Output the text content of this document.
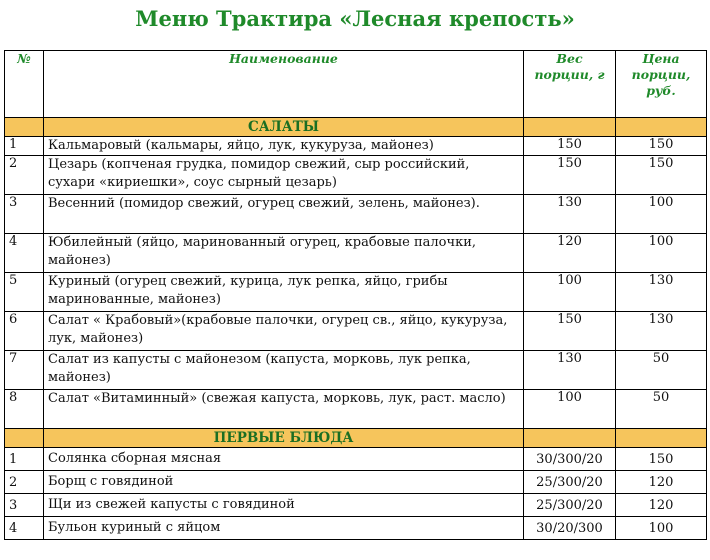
Меню Трактира «Лесная крепость»
№	Наименование	Вес порции, г	Цена порции, руб.
	САЛАТЫ		
1	Кальмаровый (кальмары, яйцо, лук, кукуруза, майонез)	150	150
2	Цезарь (копченая грудка, помидор свежий, сыр российский, сухари «кириешки», соус сырный цезарь)	150	150
3	Весенний (помидор свежий, огурец свежий, зелень, майонез).	130	100
4	Юбилейный (яйцо, маринованный огурец, крабовые палочки, майонез)	120	100
5	Куриный (огурец свежий, курица, лук репка, яйцо, грибы маринованные, майонез)	100	130
6	Салат « Крабовый»(крабовые палочки, огурец св., яйцо, кукуруза, лук, майонез)	150	130
7	Салат из капусты с майонезом (капуста, морковь, лук репка, майонез)	130	50
8	Салат «Витаминный» (свежая капуста, морковь, лук, раст. масло)	100	50
	ПЕРВЫЕ БЛЮДА		
1	Солянка сборная мясная	30/300/20	150
2	Борщ с говядиной	25/300/20	120
3	Щи из свежей капусты с говядиной	25/300/20	120
4	Бульон куриный с яйцом	30/20/300	100
